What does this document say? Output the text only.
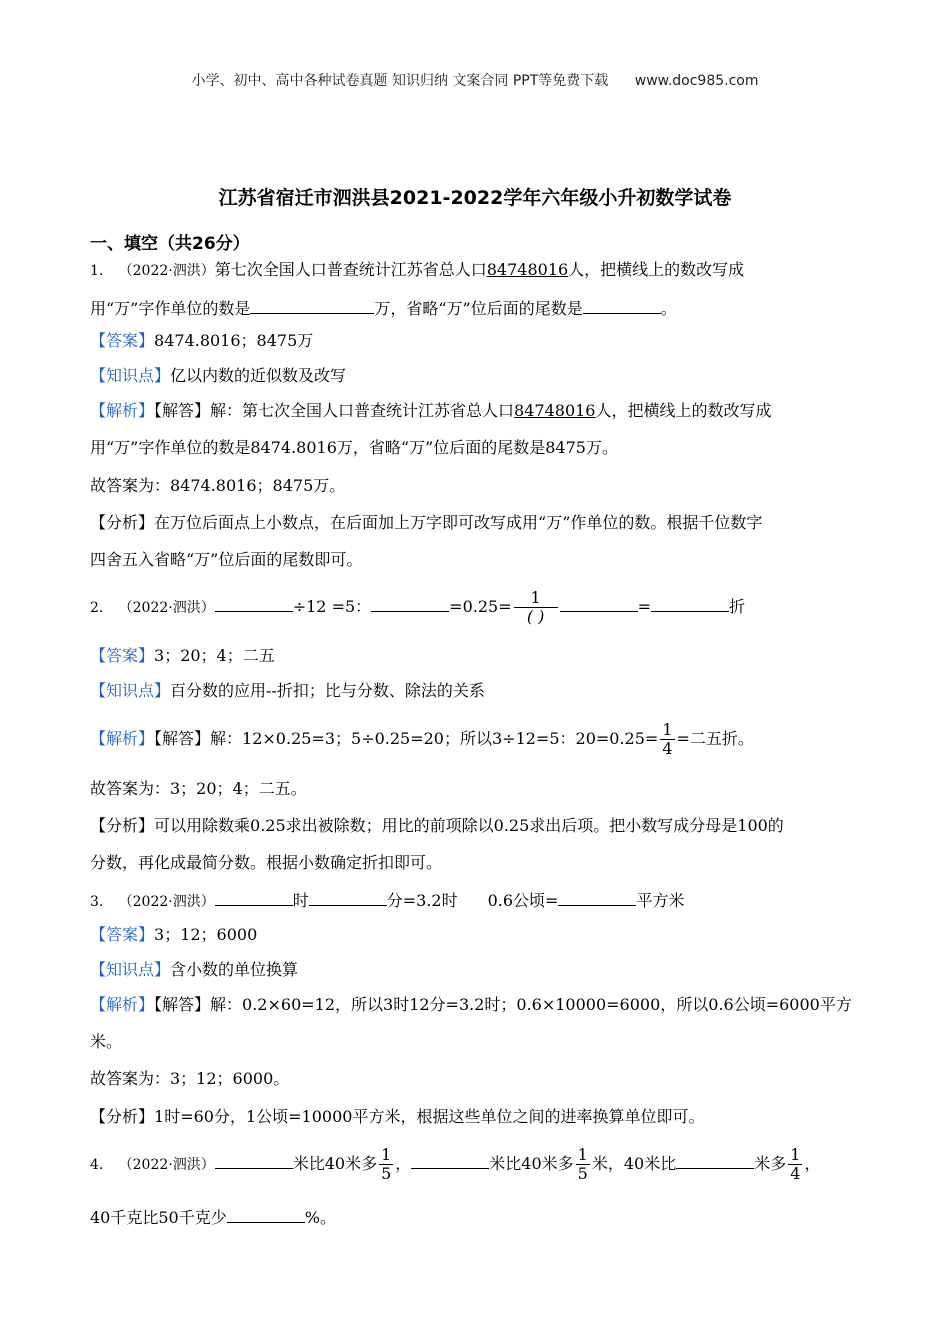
小学、初中、高中各种试卷真题 知识归纳 文案合同 PPT等免费下载 www.doc985.com
江苏省宿迁市泗洪县2021-2022学年六年级小升初数学试卷
一、填空（共26分）
1. （2022·泗洪）第七次全国人口普查统计江苏省总人口84748016人，把横线上的数改写成
用“万”字作单位的数是	万，省略“万”位后面的尾数是	。
【答案】8474.8016；8475万
【知识点】亿以内数的近似数及改写
【解析】【解答】解：第七次全国人口普查统计江苏省总人口84748016人，把横线上的数改写成
用“万”字作单位的数是8474.8016万，省略“万”位后面的尾数是8475万。
故答案为：8474.8016；8475万。
【分析】在万位后面点上小数点，在后面加上万字即可改写成用“万”作单位的数。根据千位数字
四舍五入省略“万”位后面的尾数即可。
2. （2022·泗洪）	÷12 =5：	$=0.25= \frac{1}{( )}$	=	折
【答案】3；20；4；二五
【知识点】百分数的应用--折扣；比与分数、除法的关系
【解析】【解答】解：12×0.25=3；5÷0.25=20；所以3÷12=5：$20=0.25= \frac{1}{4}$ =二五折。
故答案为：3；20；4；二五。
【分析】可以用除数乘0.25求出被除数；用比的前项除以0.25求出后项。把小数写成分母是100的
分数，再化成最简分数。根据小数确定折扣即可。
3. （2022·泗洪）	时	分=3.2时 0.6公顷=	平方米
【答案】3；12；6000
【知识点】含小数的单位换算
【解析】【解答】解：0.2×60=12，所以3时12分=3.2时；0.6×10000=6000，所以0.6公顷=6000平方
米。
故答案为：3；12；6000。
【分析】1时=60分，1公顷=10000平方米，根据这些单位之间的进率换算单位即可。
4. （2022·泗洪）	米比40米多 $\frac{1}{5}$ ，	米比40米多 $\frac{1}{5}$ 米，40米比	米多 $\frac{1}{4}$ ，
40千克比50千克少	%。
